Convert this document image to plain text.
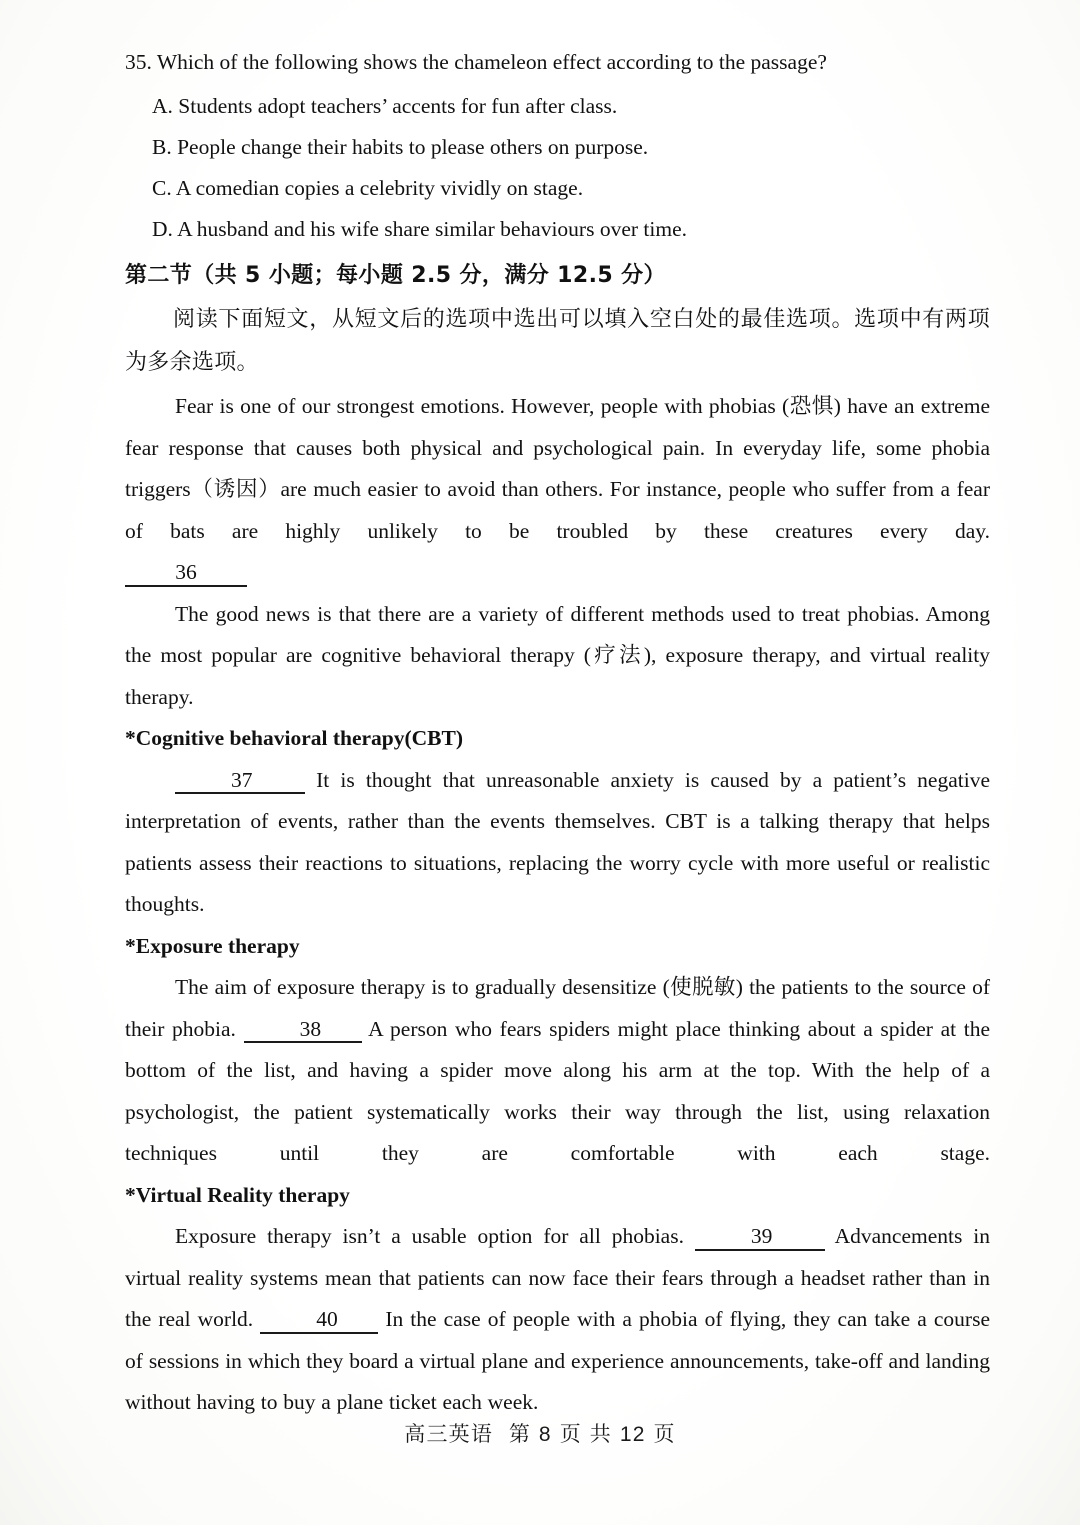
35. Which of the following shows the chameleon effect according to the passage?
A. Students adopt teachers’ accents for fun after class.
B. People change their habits to please others on purpose.
C. A comedian copies a celebrity vividly on stage.
D. A husband and his wife share similar behaviours over time.
第二节（共 5 小题；每小题 2.5 分，满分 12.5 分）
阅读下面短文，从短文后的选项中选出可以填入空白处的最佳选项。选项中有两项为多余选项。
Fear is one of our strongest emotions. However, people with phobias (恐惧) have an extreme fear response that causes both physical and psychological pain. In everyday life, some phobia triggers（诱因）are much easier to avoid than others. For instance, people who suffer from a fear of bats are highly unlikely to be troubled by these creatures every day.
36
The good news is that there are a variety of different methods used to treat phobias. Among the most popular are cognitive behavioral therapy (疗法), exposure therapy, and virtual reality therapy.
*Cognitive behavioral therapy(CBT)
37	It is thought that unreasonable anxiety is caused by a patient’s negative interpretation of events, rather than the events themselves. CBT is a talking therapy that helps patients assess their reactions to situations, replacing the worry cycle with more useful or realistic thoughts.
*Exposure therapy
The aim of exposure therapy is to gradually desensitize (使脱敏) the patients to the source of their phobia.	38 A person who fears spiders might place thinking about a spider at the bottom of the list, and having a spider move along his arm at the top. With the help of a psychologist, the patient systematically works their way through the list, using relaxation techniques until they are comfortable with each stage.
*Virtual Reality therapy
Exposure therapy isn’t a usable option for all phobias.	39	Advancements in virtual reality systems mean that patients can now face their fears through a headset rather than in the real world.	40 In the case of people with a phobia of flying, they can take a course of sessions in which they board a virtual plane and experience announcements, take-off and landing without having to buy a plane ticket each week.
高三英语 第 8 页 共 12 页
